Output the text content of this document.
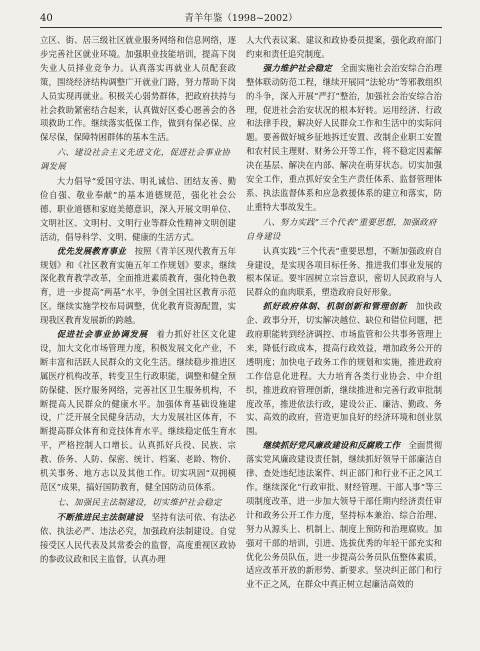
40	青羊年鉴（1998~2002）

立区、街、居三级社区就业服务网络和信息网络，逐步完善社区就业环境。加强职业技能培训，提高下岗失业人员择业竞争力。认真落实再就业人员配套政策，围绕经济结构调整广开就业门路，努力帮助下岗人员实现再就业。积极关心弱势群体，把政府扶持与社会救助紧密结合起来，认真做好区委心愿善会的各项救助工作。继续落实低保工作，做到有保必保、应保尽保，保障特困群体的基本生活。

六、建设社会主义先进文化，促进社会事业协调发展

大力倡导“爱国守法、明礼诚信、团结友善、勤俭自强、敬业奉献”的基本道德规范，强化社会公德、职业道德和家庭美德意识，深入开展文明单位、文明社区、文明村、文明行业等群众性精神文明创建活动，倡导科学、文明、健康的生活方式。

优先发展教育事业　 按照《青羊区现代教育五年规划》和《社区教育实施五年工作规划》要求，继续深化教育教学改革，全面推进素质教育，强化特色教育，进一步提高“两基”水平，争创全国社区教育示范区。继续实施学校布局调整，优化教育资源配置，实现我区教育发展新的跨越。

促进社会事业协调发展　 着力抓好社区文化建设，加大文化市场管理力度，积极发展文化产业，不断丰富和活跃人民群众的文化生活。继续稳步推进区属医疗机构改革，转变卫生行政职能，调整和健全预防保健、医疗服务网络，完善社区卫生服务机构，不断提高人民群众的健康水平。加强体育基础设施建设，广泛开展全民健身活动，大力发展社区体育，不断提高群众体育和竞技体育水平。继续稳定低生育水平，严格控制人口增长。认真抓好兵役、民族、宗教、侨务、人防、保密、统计、档案、老龄、物价、机关事务、地方志以及其他工作。切实巩固“双拥模范区”成果，搞好国防教育，健全国防动员体系。

七、加强民主法制建设，切实维护社会稳定

不断推进民主法制建设　 坚持有法可依、有法必依、执法必严、违法必究，加强政府法制建设。自觉接受区人民代表及其常委会的监督，高度重视区政协的参政议政和民主监督，认真办理

人大代表议案、建议和政协委员提案，强化政府部门约束和责任追究制度。

强力维护社会稳定　 全面实施社会治安综合治理整体联动防范工程，继续开展同“法轮功”等邪教组织的斗争，深入开展“严打”整治，加强社会治安综合治理，促进社会治安状况的根本好转。运用经济、行政和法律手段，解决好人民群众工作和生活中的实际问题。要善做好城乡征地拆迁安置、改制企业职工安置和农村民主理财、财务公开等工作，将不稳定因素解决在基层、解决在内部、解决在萌芽状态。切实加强安全工作，重点抓好安全生产责任体系、监督管理体系、执法监督体系和应急救援体系的建立和落实，防止重特大事故发生。

八、努力实践“三个代表”重要思想，加强政府自身建设

认真实践“三个代表”重要思想，不断加强政府自身建设，是实现各项目标任务、推进我们事业发展的根本保证。要牢固树立宗旨意识，密切人民政府与人民群众的血肉联系，塑造政府良好形象。

抓好政府体制、机制创新和管理创新　 加快政企、政事分开，切实解决越位、缺位和错位问题，把政府职能转到经济调控、市场监管和公共事务管理上来，降低行政成本，提高行政效益，增加政务公开的透明度；加快电子政务工作的规划和实施，推进政府工作信息化进程。大力培育各类行业协会、中介组织，推进政府管理创新，继续推进和完善行政审批制度改革，推进依法行政，建设公正、廉洁、勤政、务实、高效的政府，营造更加良好的经济环境和创业氛围。

继续抓好党风廉政建设和反腐败工作　 全面贯彻落实党风廉政建设责任制，继续抓好领导干部廉洁自律、查处违纪违法案件、纠正部门和行业不正之风工作。继续深化“行政审批、财经管理、干部人事”等三项制度改革，进一步加大领导干部任期内经济责任审计和政务公开工作力度，坚持标本兼治、综合治理、努力从源头上、机制上、制度上预防和治理腐败。加强对干部的培训，引进、选拔优秀的年轻干部充实和优化公务员队伍，进一步提高公务员队伍整体素质，适应改革开放的新形势、新要求。坚决纠正部门和行业不正之风，在群众中真正树立起廉洁高效的
